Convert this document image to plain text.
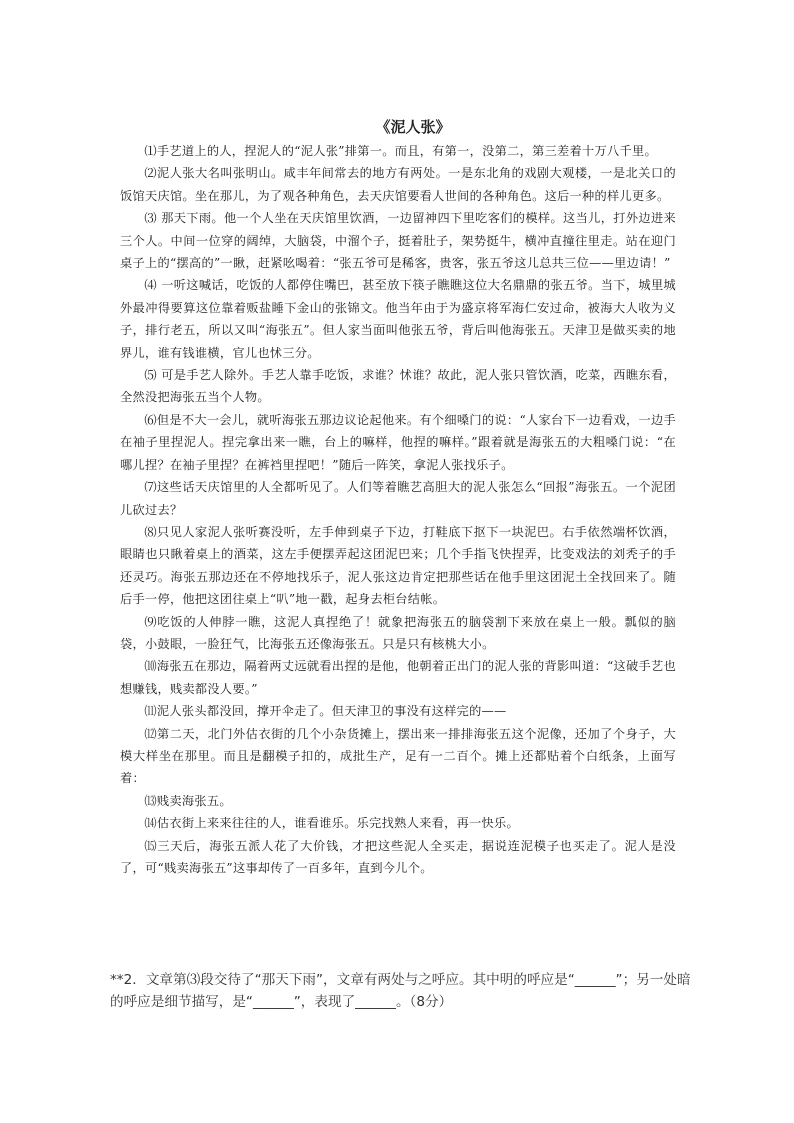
《泥人张》

⑴手艺道上的人，捏泥人的“泥人张”排第一。而且，有第一，没第二，第三差着十万八千里。

⑵泥人张大名叫张明山。咸丰年间常去的地方有两处。一是东北角的戏剧大观楼，一是北关口的饭馆天庆馆。坐在那儿，为了观各种角色，去天庆馆要看人世间的各种角色。这后一种的样儿更多。

⑶ 那天下雨。他一个人坐在天庆馆里饮酒，一边留神四下里吃客们的模样。这当儿，打外边进来三个人。中间一位穿的阔绰，大脑袋，中溜个子，挺着肚子，架势挺牛，横冲直撞往里走。站在迎门桌子上的“摆高的”一瞅，赶紧吆喝着：“张五爷可是稀客，贵客，张五爷这儿总共三位——里边请！”

⑷ 一听这喊话，吃饭的人都停住嘴巴，甚至放下筷子瞧瞧这位大名鼎鼎的张五爷。当下，城里城外最冲得要算这位靠着贩盐睡下金山的张锦文。他当年由于为盛京将军海仁安过命，被海大人收为义子，排行老五，所以又叫“海张五”。但人家当面叫他张五爷，背后叫他海张五。天津卫是做买卖的地界儿，谁有钱谁横，官儿也怵三分。

⑸ 可是手艺人除外。手艺人靠手吃饭，求谁？怵谁？故此，泥人张只管饮酒，吃菜，西瞧东看，全然没把海张五当个人物。

⑹但是不大一会儿，就听海张五那边议论起他来。有个细嗓门的说：“人家台下一边看戏，一边手在袖子里捏泥人。捏完拿出来一瞧，台上的嘛样，他捏的嘛样。”跟着就是海张五的大粗嗓门说：“在哪儿捏？在袖子里捏？在裤裆里捏吧！”随后一阵笑，拿泥人张找乐子。

⑺这些话天庆馆里的人全都听见了。人们等着瞧艺高胆大的泥人张怎么“回报”海张五。一个泥团儿砍过去？

⑻只见人家泥人张听赛没听，左手伸到桌子下边，打鞋底下抠下一块泥巴。右手依然端杯饮酒，眼睛也只瞅着桌上的酒菜，这左手便摆弄起这团泥巴来；几个手指飞快捏弄，比变戏法的刘秃子的手还灵巧。海张五那边还在不停地找乐子，泥人张这边肯定把那些话在他手里这团泥土全找回来了。随后手一停，他把这团往桌上“叭”地一戳，起身去柜台结帐。

⑼吃饭的人伸脖一瞧，这泥人真捏绝了！就象把海张五的脑袋割下来放在桌上一般。瓢似的脑袋，小鼓眼，一脸狂气，比海张五还像海张五。只是只有核桃大小。

⑽海张五在那边，隔着两丈远就看出捏的是他，他朝着正出门的泥人张的背影叫道：“这破手艺也想赚钱，贱卖都没人要。”

⑾泥人张头都没回，撑开伞走了。但天津卫的事没有这样完的——

⑿第二天，北门外估衣街的几个小杂货摊上，摆出来一排排海张五这个泥像，还加了个身子，大模大样坐在那里。而且是翻模子扣的，成批生产，足有一二百个。摊上还都贴着个白纸条，上面写着：

⒀贱卖海张五。

⒁估衣街上来来往往的人，谁看谁乐。乐完找熟人来看，再一快乐。

⒂三天后，海张五派人花了大价钱，才把这些泥人全买走，据说连泥模子也买走了。泥人是没了，可“贱卖海张五”这事却传了一百多年，直到今儿个。

**2．文章第⑶段交待了“那天下雨”，文章有两处与之呼应。其中明的呼应是“______”；另一处暗的呼应是细节描写，是“______”，表现了______。（8分）
